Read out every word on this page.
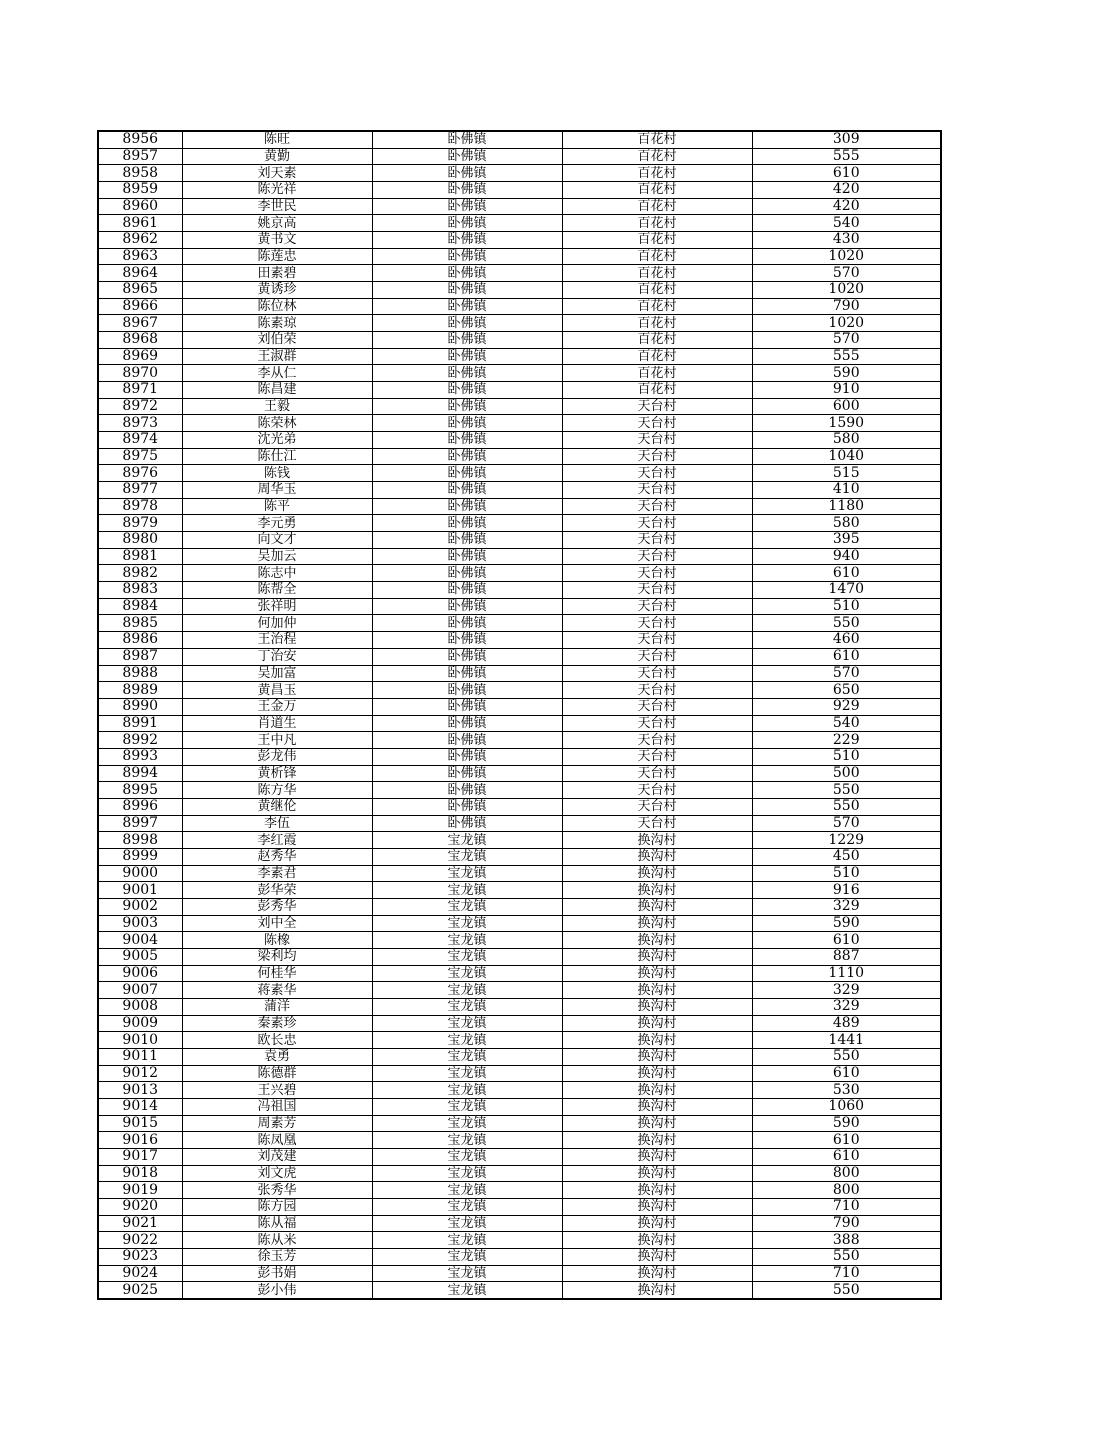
8956	陈旺	卧佛镇	百花村	309
8957	黄勤	卧佛镇	百花村	555
8958	刘天素	卧佛镇	百花村	610
8959	陈光祥	卧佛镇	百花村	420
8960	李世民	卧佛镇	百花村	420
8961	姚京高	卧佛镇	百花村	540
8962	黄书文	卧佛镇	百花村	430
8963	陈莲忠	卧佛镇	百花村	1020
8964	田素碧	卧佛镇	百花村	570
8965	黄诱珍	卧佛镇	百花村	1020
8966	陈位林	卧佛镇	百花村	790
8967	陈素琼	卧佛镇	百花村	1020
8968	刘伯荣	卧佛镇	百花村	570
8969	王淑群	卧佛镇	百花村	555
8970	李从仁	卧佛镇	百花村	590
8971	陈昌建	卧佛镇	百花村	910
8972	王毅	卧佛镇	天台村	600
8973	陈荣林	卧佛镇	天台村	1590
8974	沈光弟	卧佛镇	天台村	580
8975	陈仕江	卧佛镇	天台村	1040
8976	陈钱	卧佛镇	天台村	515
8977	周华玉	卧佛镇	天台村	410
8978	陈平	卧佛镇	天台村	1180
8979	李元勇	卧佛镇	天台村	580
8980	向文才	卧佛镇	天台村	395
8981	吴加云	卧佛镇	天台村	940
8982	陈志中	卧佛镇	天台村	610
8983	陈帮全	卧佛镇	天台村	1470
8984	张祥明	卧佛镇	天台村	510
8985	何加仲	卧佛镇	天台村	550
8986	王治程	卧佛镇	天台村	460
8987	丁治安	卧佛镇	天台村	610
8988	吴加富	卧佛镇	天台村	570
8989	黄昌玉	卧佛镇	天台村	650
8990	王金万	卧佛镇	天台村	929
8991	肖道生	卧佛镇	天台村	540
8992	王中凡	卧佛镇	天台村	229
8993	彭龙伟	卧佛镇	天台村	510
8994	黄析锋	卧佛镇	天台村	500
8995	陈方华	卧佛镇	天台村	550
8996	黄继伦	卧佛镇	天台村	550
8997	李伍	卧佛镇	天台村	570
8998	李红霞	宝龙镇	换沟村	1229
8999	赵秀华	宝龙镇	换沟村	450
9000	李素君	宝龙镇	换沟村	510
9001	彭华荣	宝龙镇	换沟村	916
9002	彭秀华	宝龙镇	换沟村	329
9003	刘中全	宝龙镇	换沟村	590
9004	陈橡	宝龙镇	换沟村	610
9005	梁利均	宝龙镇	换沟村	887
9006	何桂华	宝龙镇	换沟村	1110
9007	蒋素华	宝龙镇	换沟村	329
9008	蒲洋	宝龙镇	换沟村	329
9009	秦素珍	宝龙镇	换沟村	489
9010	欧长忠	宝龙镇	换沟村	1441
9011	袁勇	宝龙镇	换沟村	550
9012	陈德群	宝龙镇	换沟村	610
9013	王兴碧	宝龙镇	换沟村	530
9014	冯祖国	宝龙镇	换沟村	1060
9015	周素芳	宝龙镇	换沟村	590
9016	陈凤凰	宝龙镇	换沟村	610
9017	刘茂建	宝龙镇	换沟村	610
9018	刘文虎	宝龙镇	换沟村	800
9019	张秀华	宝龙镇	换沟村	800
9020	陈方园	宝龙镇	换沟村	710
9021	陈从福	宝龙镇	换沟村	790
9022	陈从米	宝龙镇	换沟村	388
9023	徐玉芳	宝龙镇	换沟村	550
9024	彭书娟	宝龙镇	换沟村	710
9025	彭小伟	宝龙镇	换沟村	550
